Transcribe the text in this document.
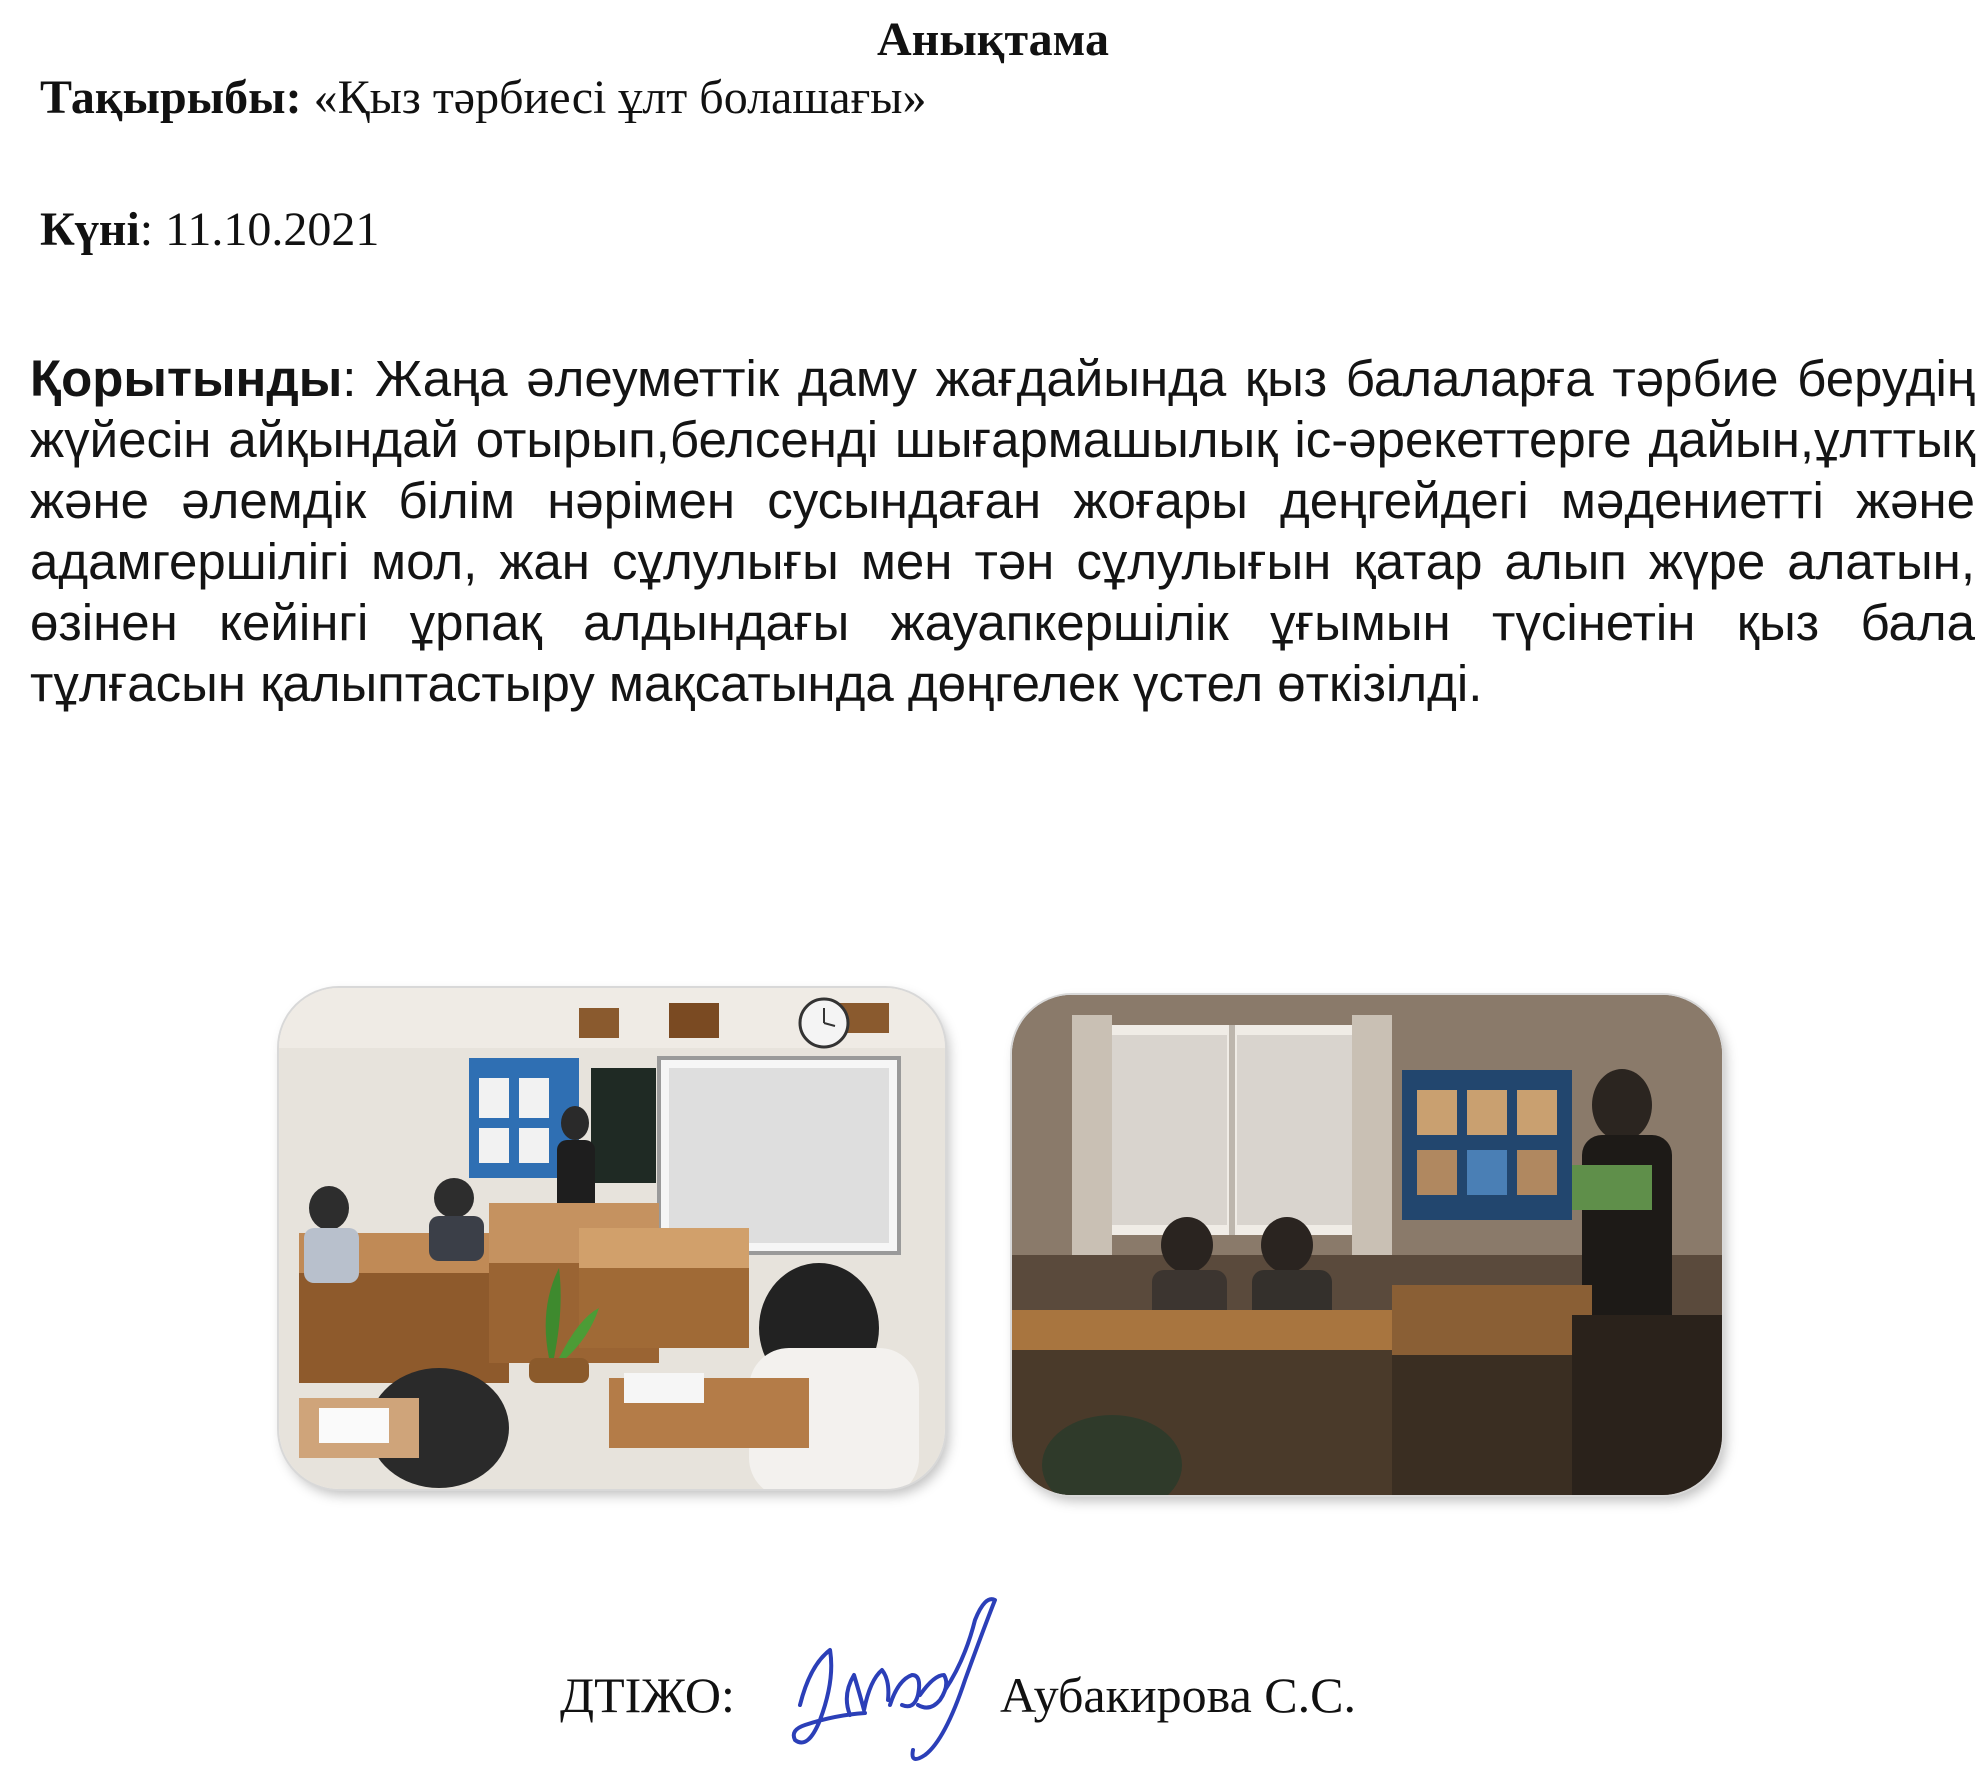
Анықтама
Тақырыбы: «Қыз тәрбиесі ұлт болашағы»
Күні: 11.10.2021
Қорытынды: Жаңа әлеуметтік даму жағдайында қыз балаларға тәрбие берудің жүйесін айқындай отырып,белсенді шығармашылық іс-әрекеттерге дайын,ұлттық және әлемдік білім нәрімен сусындаған жоғары деңгейдегі мәдениетті және адамгершілігі мол, жан сұлулығы мен тән сұлулығын қатар алып жүре алатын, өзінен кейінгі ұрпақ алдындағы жауапкершілік ұғымын түсінетін қыз бала тұлғасын қалыптастыру мақсатында дөңгелек үстел өткізілді.
ДТІЖО:	Аубакирова С.С.
